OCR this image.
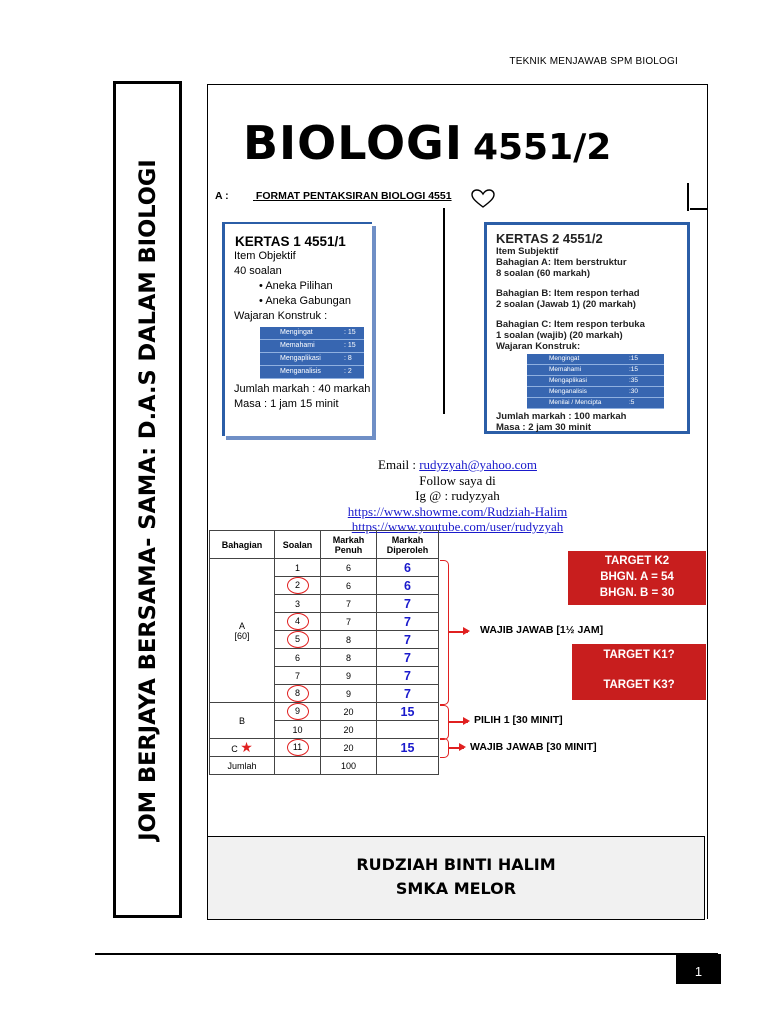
TEKNIK MENJAWAB SPM BIOLOGI
JOM BERJAYA BERSAMA- SAMA: D.A.S DALAM BIOLOGI
BIOLOGI 4551/2
A :	FORMAT PENTAKSIRAN BIOLOGI 4551
KERTAS 1 4551/1
Item Objektif
40 soalan
• Aneka Pilihan
• Aneka Gabungan
Wajaran Konstruk :
Mengingat	: 15
Memahami	: 15
Mengaplikasi	: 8
Menganalisis	: 2
Jumlah markah : 40 markah
Masa : 1 jam 15 minit
KERTAS 2 4551/2
Item Subjektif
Bahagian A: Item berstruktur
8 soalan (60 markah)
Bahagian B: Item respon terhad
2 soalan (Jawab 1) (20 markah)
Bahagian C: Item respon terbuka
1 soalan (wajib) (20 markah)
Wajaran Konstruk:
Mengingat	:15
Memahami	:15
Mengaplikasi	:35
Menganalisis	:30
Menilai / Mencipta	:5
Jumlah markah : 100 markah
Masa : 2 jam 30 minit
Email : rudyzyah@yahoo.com
Follow saya di
Ig @ : rudyzyah
https://www.showme.com/Rudziah-Halim
https://www.youtube.com/user/rudyzyah
Bahagian	Soalan	Markah Penuh	Markah Diperoleh
A
[60]	1	6	6
	2	6	6
	3	7	7
	4	7	7
	5	8	7
	6	8	7
	7	9	7
	8	9	7
B	9	20	15
	10	20	
C ★	11	20	15
Jumlah		100	
WAJIB JAWAB [1½ JAM]
PILIH 1 [30 MINIT]
WAJIB JAWAB [30 MINIT]
TARGET K2
BHGN. A = 54
BHGN. B = 30
TARGET K1?
TARGET K3?
RUDZIAH BINTI HALIM
SMKA MELOR
1
